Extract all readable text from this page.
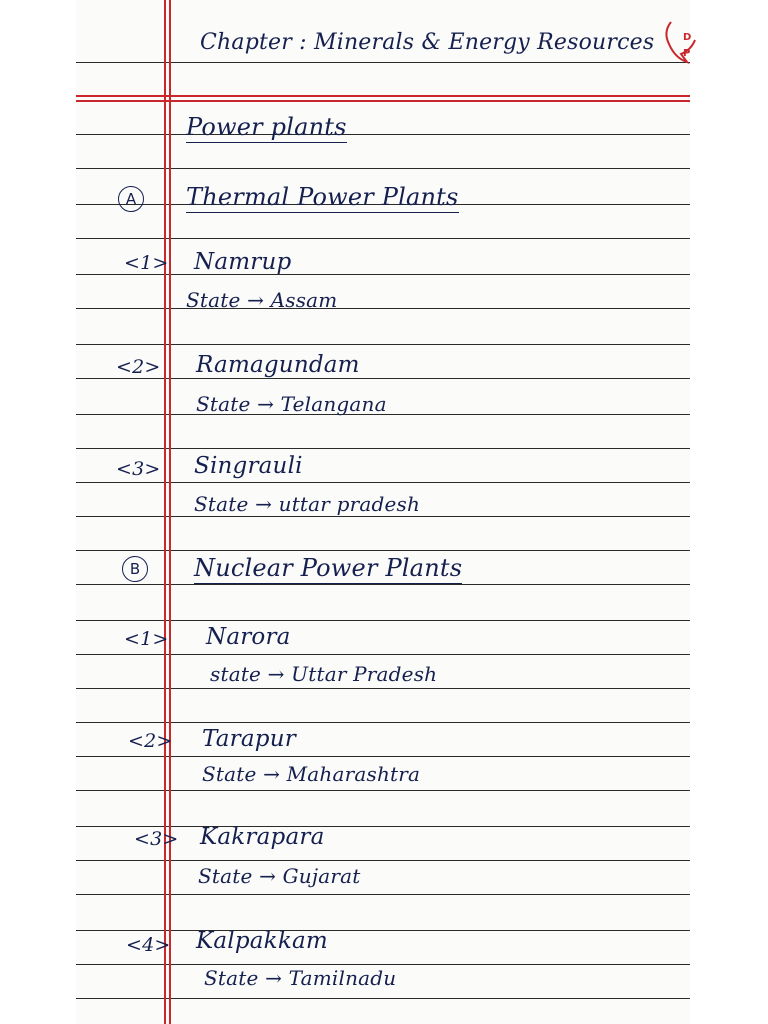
Chapter : Minerals & Energy Resources	D P

Power plants

A	Thermal Power Plants

<1> Namrup

State → Assam

<2> Ramagundam

State → Telangana

<3> Singrauli

State → uttar pradesh

B	Nuclear Power Plants

<1> Narora

state → Uttar Pradesh

<2> Tarapur

State → Maharashtra

<3> Kakrapara

State → Gujarat

<4> Kalpakkam

State → Tamilnadu
